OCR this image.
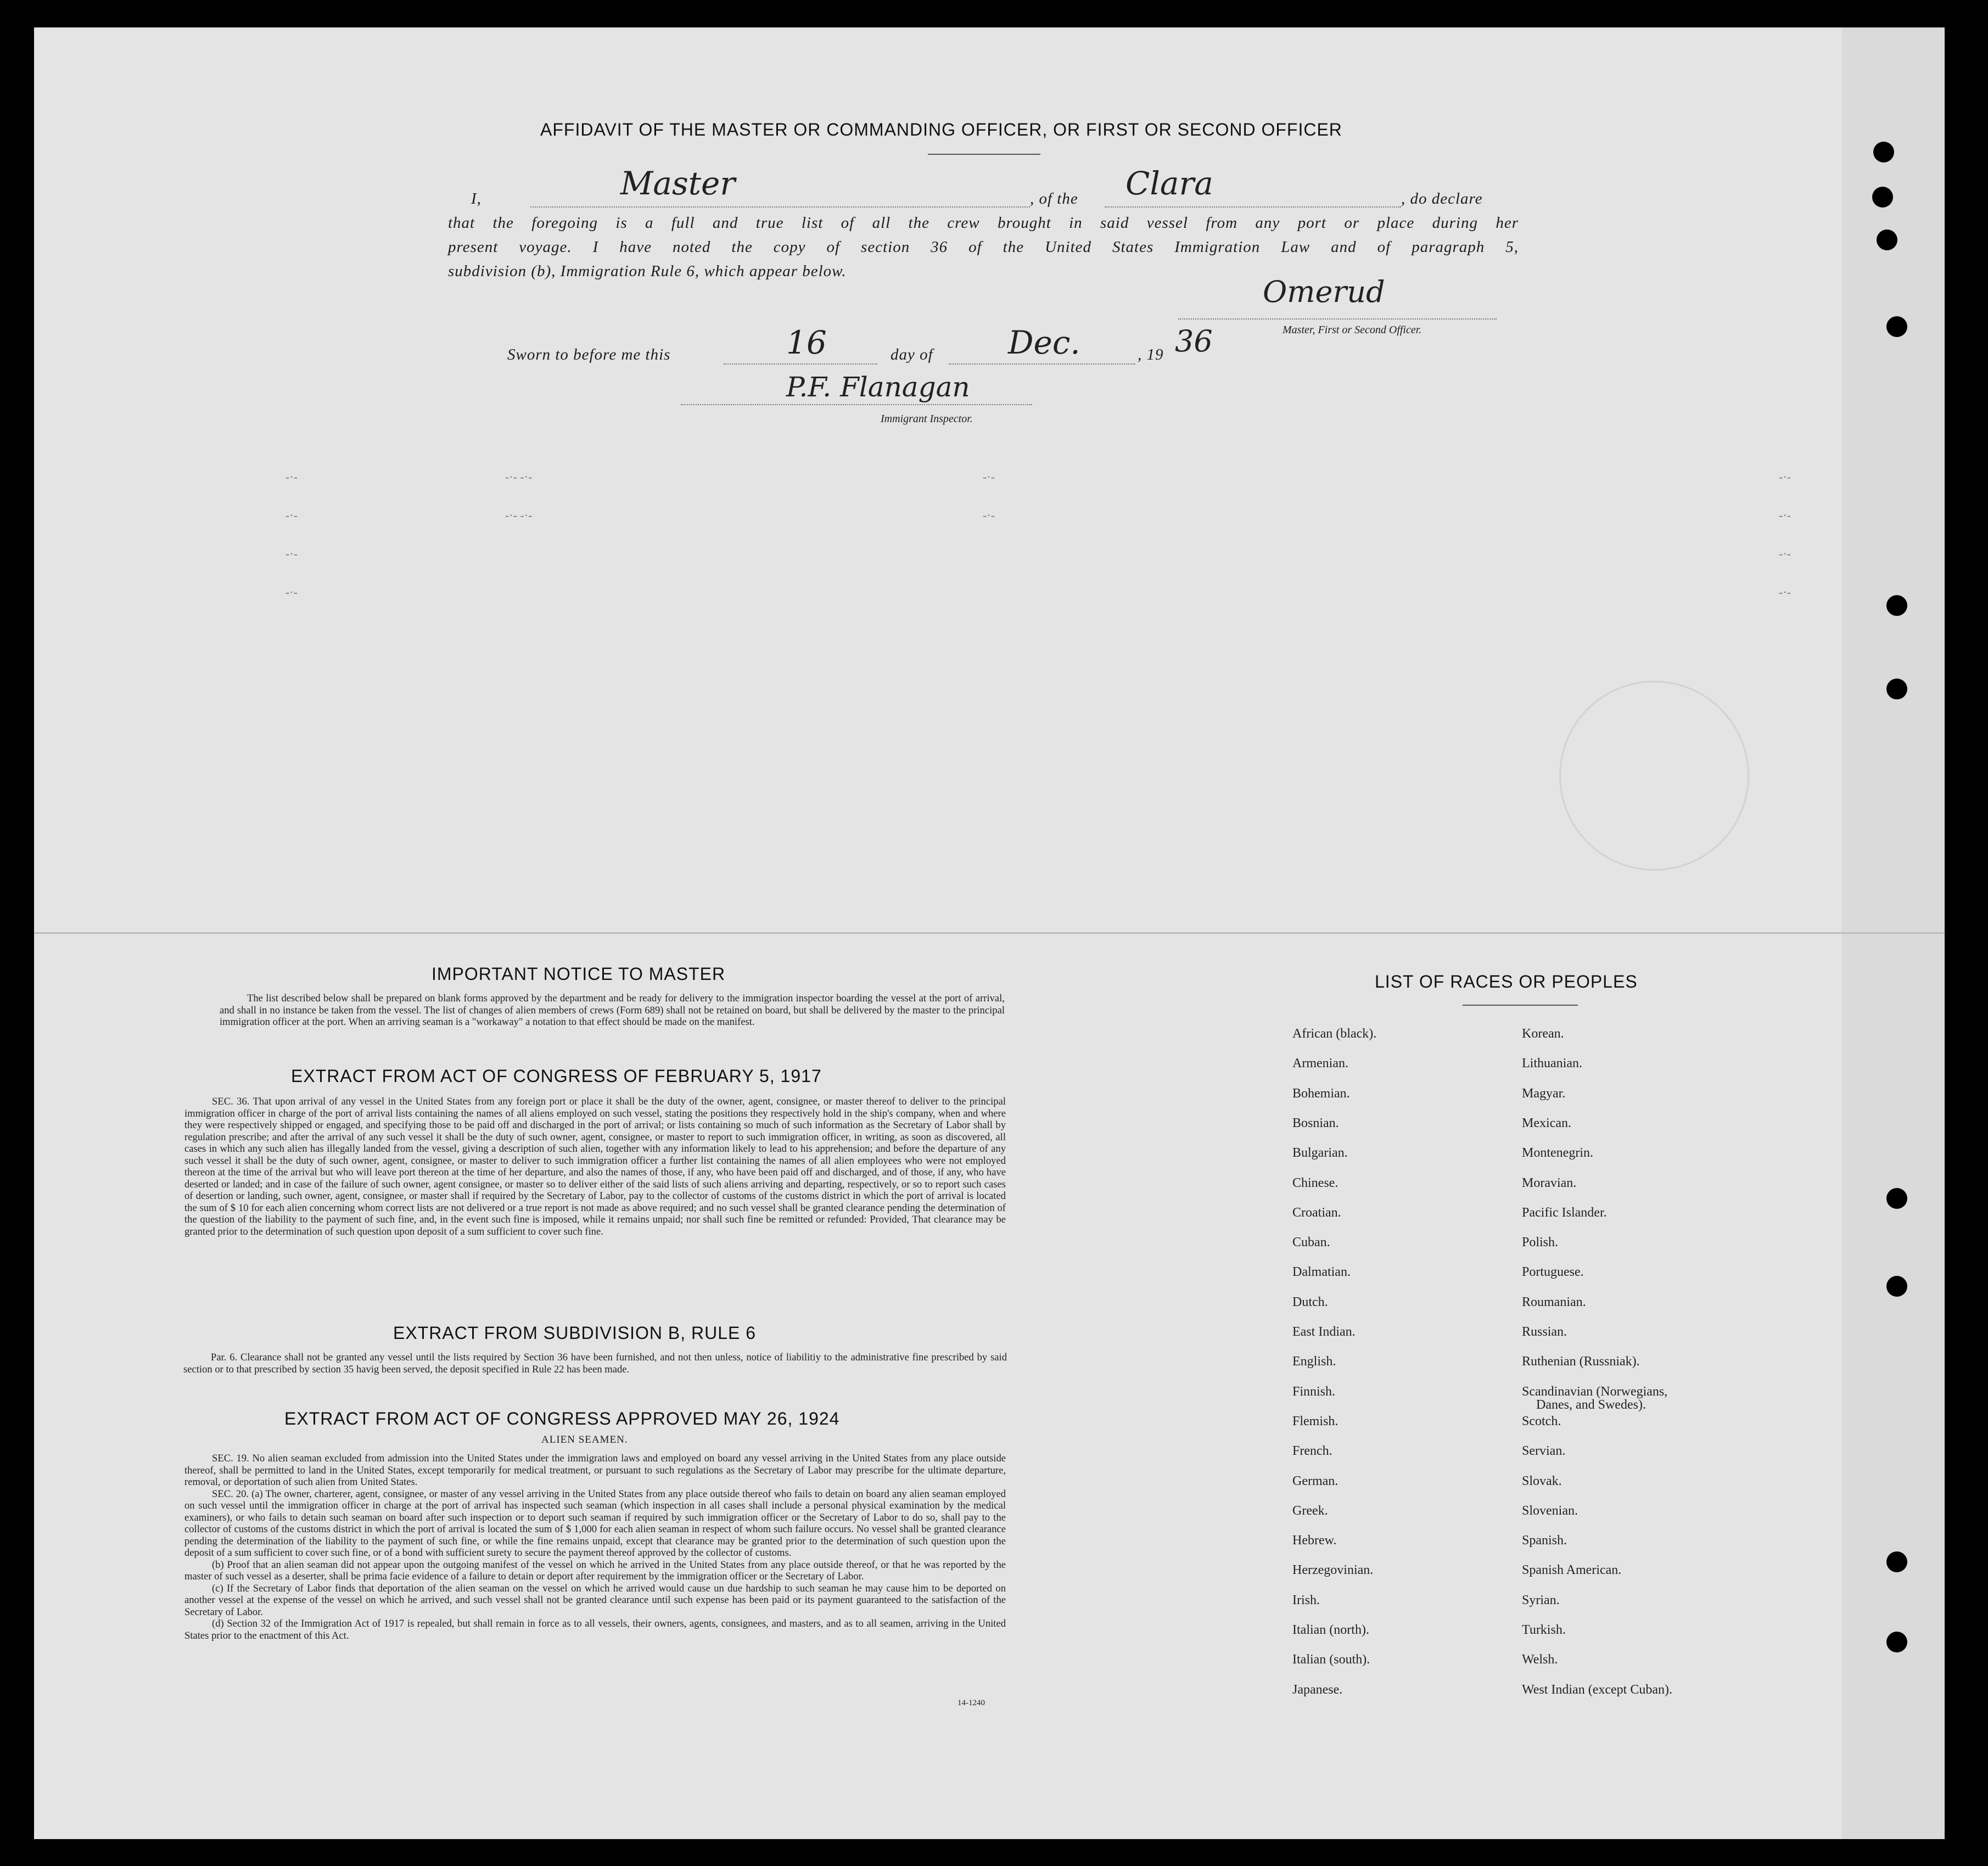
AFFIDAVIT OF THE MASTER OR COMMANDING OFFICER, OR FIRST OR SECOND OFFICER
I,	Master	, of the Clara	, do declare
that the foregoing is a full and true list of all the crew brought in said vessel from any port or place during her
present voyage. I have noted the copy of section 36 of the United States Immigration Law and of paragraph 5,
subdivision (b), Immigration Rule 6, which appear below.
Omerud
Master, First or Second Officer.
Sworn to before me this	16	day of Dec.	, 19 36
P.F. Flanagan
Immigrant Inspector.
-·-
-·-
-·-
-·-
-·- -·-
-·- -·-
-·-
-·-
-·-
-·-
-·-
-·-
IMPORTANT NOTICE TO MASTER

The list described below shall be prepared on blank forms approved by the department and be ready for delivery to the immigration inspector boarding the vessel at the port of arrival, and shall in no instance be taken from the vessel. The list of changes of alien members of crews (Form 689) shall not be retained on board, but shall be delivered by the master to the principal immigration officer at the port. When an arriving seaman is a "workaway" a notation to that effect should be made on the manifest.

EXTRACT FROM ACT OF CONGRESS OF FEBRUARY 5, 1917

SEC. 36. That upon arrival of any vessel in the United States from any foreign port or place it shall be the duty of the owner, agent, consignee, or master thereof to deliver to the principal immigration officer in charge of the port of arrival lists containing the names of all aliens employed on such vessel, stating the positions they respectively hold in the ship's company, when and where they were respectively shipped or engaged, and specifying those to be paid off and discharged in the port of arrival; or lists containing so much of such information as the Secretary of Labor shall by regulation prescribe; and after the arrival of any such vessel it shall be the duty of such owner, agent, consignee, or master to report to such immigration officer, in writing, as soon as discovered, all cases in which any such alien has illegally landed from the vessel, giving a description of such alien, together with any information likely to lead to his apprehension; and before the departure of any such vessel it shall be the duty of such owner, agent, consignee, or master to deliver to such immigration officer a further list containing the names of all alien employees who were not employed thereon at the time of the arrival but who will leave port thereon at the time of her departure, and also the names of those, if any, who have been paid off and discharged, and of those, if any, who have deserted or landed; and in case of the failure of such owner, agent consignee, or master so to deliver either of the said lists of such aliens arriving and departing, respectively, or so to report such cases of desertion or landing, such owner, agent, consignee, or master shall if required by the Secretary of Labor, pay to the collector of customs of the customs district in which the port of arrival is located the sum of $ 10 for each alien concerning whom correct lists are not delivered or a true report is not made as above required; and no such vessel shall be granted clearance pending the determination of the question of the liability to the payment of such fine, and, in the event such fine is imposed, while it remains unpaid; nor shall such fine be remitted or refunded: Provided, That clearance may be granted prior to the determination of such question upon deposit of a sum sufficient to cover such fine.

EXTRACT FROM SUBDIVISION B, RULE 6

Par. 6. Clearance shall not be granted any vessel until the lists required by Section 36 have been furnished, and not then unless, notice of liabilitiy to the administrative fine prescribed by said section or to that prescribed by section 35 havig been served, the deposit specified in Rule 22 has been made.

EXTRACT FROM ACT OF CONGRESS APPROVED MAY 26, 1924
ALIEN SEAMEN.

SEC. 19. No alien seaman excluded from admission into the United States under the immigration laws and employed on board any vessel arriving in the United States from any place outside thereof, shall be permitted to land in the United States, except temporarily for medical treatment, or pursuant to such regulations as the Secretary of Labor may prescribe for the ultimate departure, removal, or deportation of such alien from United States.

SEC. 20. (a) The owner, charterer, agent, consignee, or master of any vessel arriving in the United States from any place outside thereof who fails to detain on board any alien seaman employed on such vessel until the immigration officer in charge at the port of arrival has inspected such seaman (which inspection in all cases shall include a personal physical examination by the medical examiners), or who fails to detain such seaman on board after such inspection or to deport such seaman if required by such immigration officer or the Secretary of Labor to do so, shall pay to the collector of customs of the customs district in which the port of arrival is located the sum of $ 1,000 for each alien seaman in respect of whom such failure occurs. No vessel shall be granted clearance pending the determination of the liability to the payment of such fine, or while the fine remains unpaid, except that clearance may be granted prior to the determination of such question upon the deposit of a sum sufficient to cover such fine, or of a bond with sufficient surety to secure the payment thereof approved by the collector of customs.

(b) Proof that an alien seaman did not appear upon the outgoing manifest of the vessel on which he arrived in the United States from any place outside thereof, or that he was reported by the master of such vessel as a deserter, shall be prima facie evidence of a failure to detain or deport after requirement by the immigration officer or the Secretary of Labor.

(c) If the Secretary of Labor finds that deportation of the alien seaman on the vessel on which he arrived would cause un due hardship to such seaman he may cause him to be deported on another vessel at the expense of the vessel on which he arrived, and such vessel shall not be granted clearance until such expense has been paid or its payment guaranteed to the satisfaction of the Secretary of Labor.

(d) Section 32 of the Immigration Act of 1917 is repealed, but shall remain in force as to all vessels, their owners, agents, consignees, and masters, and as to all seamen, arriving in the United States prior to the enactment of this Act.

14-1240
LIST OF RACES OR PEOPLES
African (black).
Armenian.
Bohemian.
Bosnian.
Bulgarian.
Chinese.
Croatian.
Cuban.
Dalmatian.
Dutch.
East Indian.
English.
Finnish.
Flemish.
French.
German.
Greek.
Hebrew.
Herzegovinian.
Irish.
Italian (north).
Italian (south).
Japanese.
Korean.
Lithuanian.
Magyar.
Mexican.
Montenegrin.
Moravian.
Pacific Islander.
Polish.
Portuguese.
Roumanian.
Russian.
Ruthenian (Russniak).
Scandinavian (Norwegians,
Danes, and Swedes).
Scotch.
Servian.
Slovak.
Slovenian.
Spanish.
Spanish American.
Syrian.
Turkish.
Welsh.
West Indian (except Cuban).
